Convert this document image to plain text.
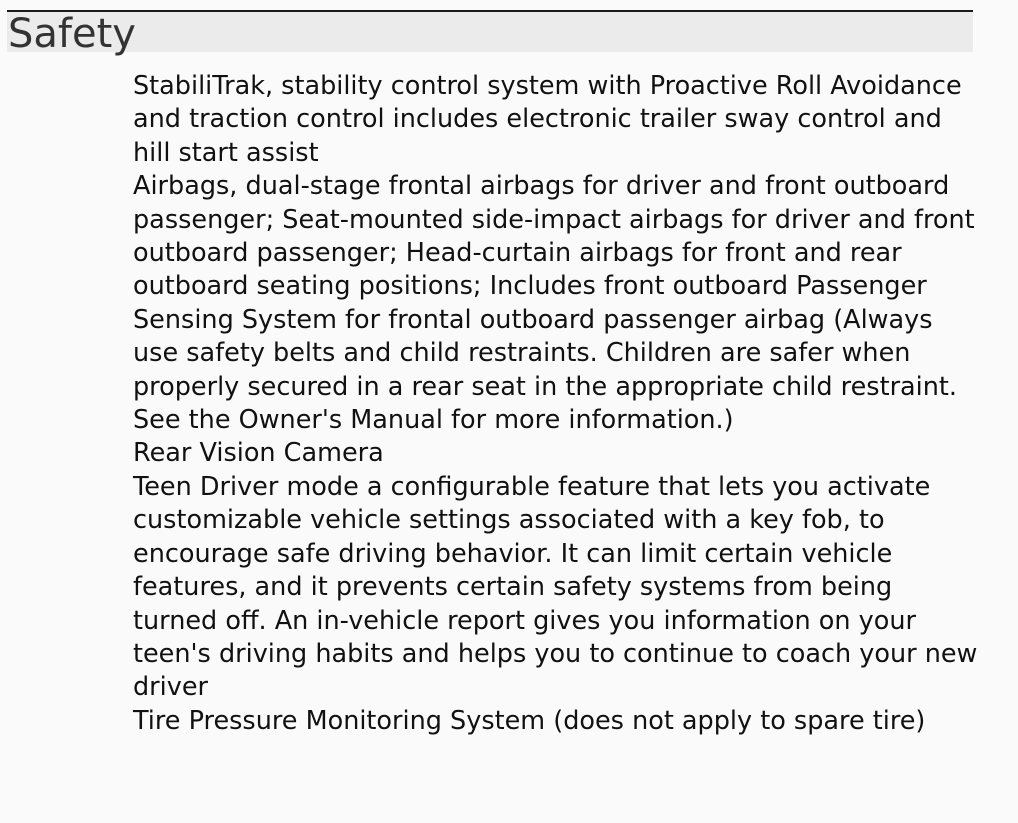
Safety
StabiliTrak, stability control system with Proactive Roll Avoidance and traction control includes electronic trailer sway control and hill start assist
Airbags, dual-stage frontal airbags for driver and front outboard passenger; Seat-mounted side-impact airbags for driver and front outboard passenger; Head-curtain airbags for front and rear outboard seating positions; Includes front outboard Passenger Sensing System for frontal outboard passenger airbag (Always use safety belts and child restraints. Children are safer when properly secured in a rear seat in the appropriate child restraint. See the Owner's Manual for more information.)
Rear Vision Camera
Teen Driver mode a configurable feature that lets you activate customizable vehicle settings associated with a key fob, to encourage safe driving behavior. It can limit certain vehicle features, and it prevents certain safety systems from being turned off. An in-vehicle report gives you information on your teen's driving habits and helps you to continue to coach your new driver
Tire Pressure Monitoring System (does not apply to spare tire)
